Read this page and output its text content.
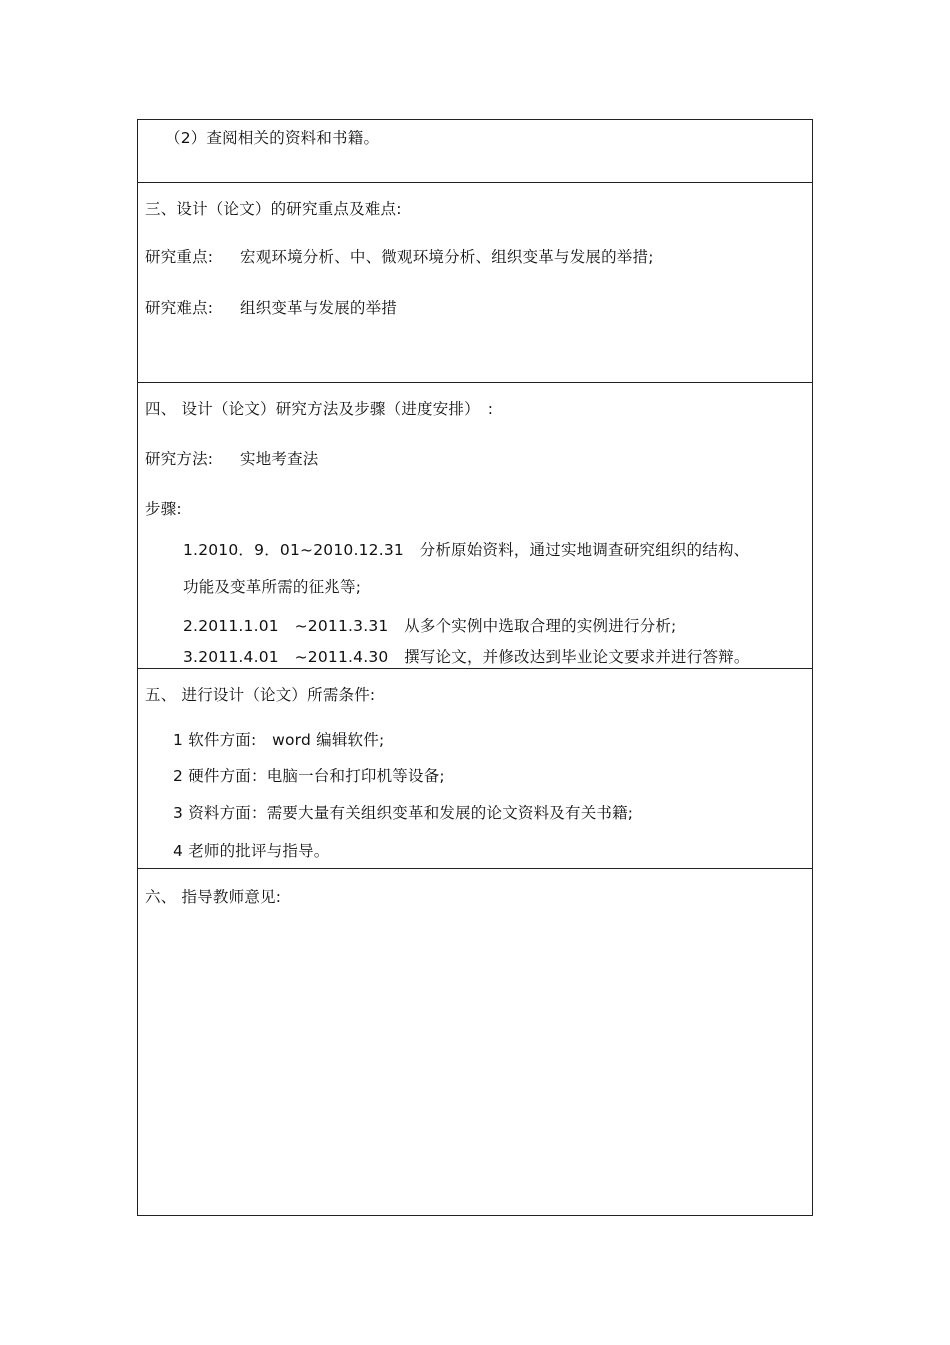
（2）查阅相关的资料和书籍。
三、设计（论文）的研究重点及难点:
研究重点: 宏观环境分析、中、微观环境分析、组织变革与发展的举措;
研究难点: 组织变革与发展的举措
四、 设计（论文）研究方法及步骤（进度安排）　:
研究方法: 实地考查法
步骤:
1.2010．9．01~2010.12.31　分析原始资料，通过实地调查研究组织的结构、
功能及变革所需的征兆等;
2.2011.1.01　~2011.3.31　从多个实例中选取合理的实例进行分析;
3.2011.4.01　~2011.4.30　撰写论文，并修改达到毕业论文要求并进行答辩。
五、 进行设计（论文）所需条件:
1 软件方面:　word 编辑软件;
2 硬件方面：电脑一台和打印机等设备;
3 资料方面：需要大量有关组织变革和发展的论文资料及有关书籍;
4 老师的批评与指导。
六、 指导教师意见:
